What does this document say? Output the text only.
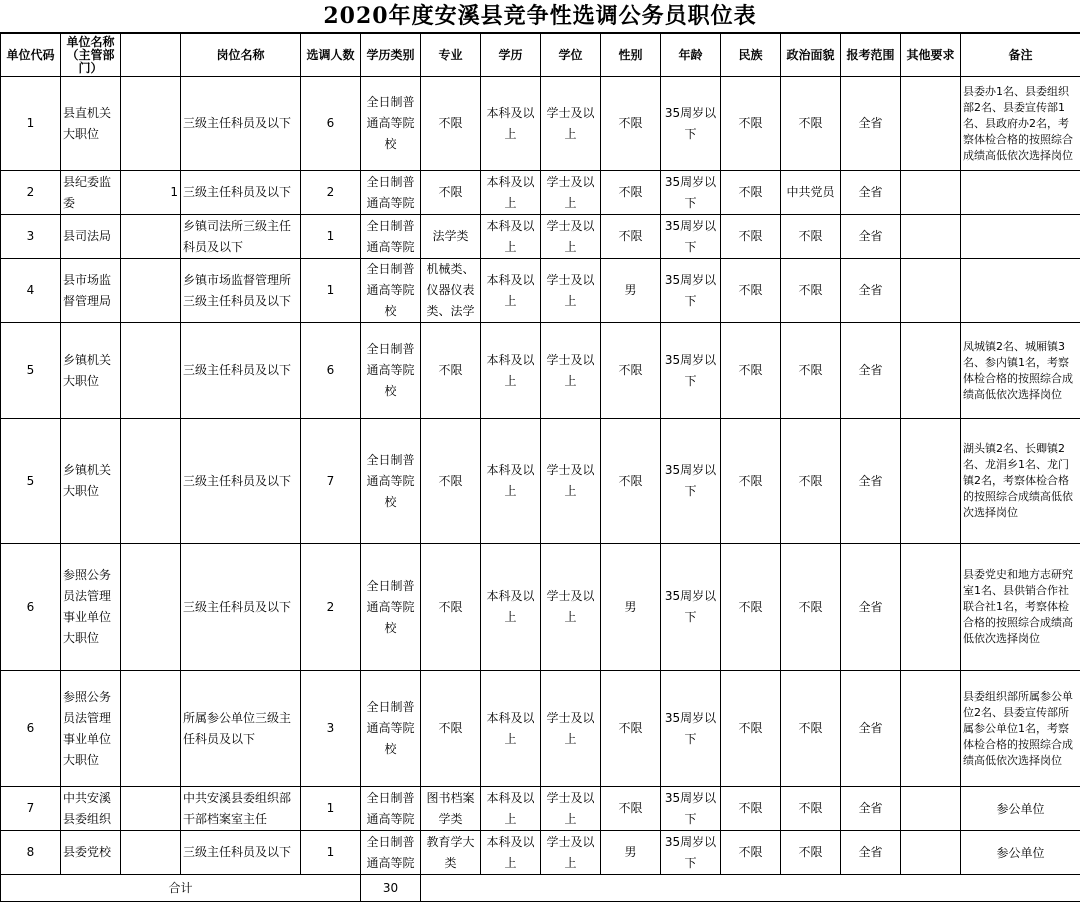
2020年度安溪县竞争性选调公务员职位表
单位代码	单位名称（主管部门）		岗位名称	选调人数	学历类别	专业	学历	学位	性别	年龄	民族	政治面貌	报考范围	其他要求	备注
1	县直机关大职位		三级主任科员及以下	6	全日制普通高等院校	不限	本科及以上	学士及以上	不限	35周岁以下	不限	不限	全省		县委办1名、县委组织部2名、县委宣传部1名、县政府办2名，考察体检合格的按照综合成绩高低依次选择岗位
2	县纪委监委	1	三级主任科员及以下	2	全日制普通高等院	不限	本科及以上	学士及以上	不限	35周岁以下	不限	中共党员	全省		
3	县司法局		乡镇司法所三级主任科员及以下	1	全日制普通高等院	法学类	本科及以上	学士及以上	不限	35周岁以下	不限	不限	全省		
4	县市场监督管理局		乡镇市场监督管理所三级主任科员及以下	1	全日制普通高等院校	机械类、仪器仪表类、法学	本科及以上	学士及以上	男	35周岁以下	不限	不限	全省		
5	乡镇机关大职位		三级主任科员及以下	6	全日制普通高等院校	不限	本科及以上	学士及以上	不限	35周岁以下	不限	不限	全省		凤城镇2名、城厢镇3名、参内镇1名，考察体检合格的按照综合成绩高低依次选择岗位
5	乡镇机关大职位		三级主任科员及以下	7	全日制普通高等院校	不限	本科及以上	学士及以上	不限	35周岁以下	不限	不限	全省		湖头镇2名、长卿镇2名、龙涓乡1名、龙门镇2名，考察体检合格的按照综合成绩高低依次选择岗位
6	参照公务员法管理事业单位大职位		三级主任科员及以下	2	全日制普通高等院校	不限	本科及以上	学士及以上	男	35周岁以下	不限	不限	全省		县委党史和地方志研究室1名、县供销合作社联合社1名，考察体检合格的按照综合成绩高低依次选择岗位
6	参照公务员法管理事业单位大职位		所属参公单位三级主任科员及以下	3	全日制普通高等院校	不限	本科及以上	学士及以上	不限	35周岁以下	不限	不限	全省		县委组织部所属参公单位2名、县委宣传部所属参公单位1名，考察体检合格的按照综合成绩高低依次选择岗位
7	中共安溪县委组织		中共安溪县委组织部干部档案室主任	1	全日制普通高等院	图书档案学类	本科及以上	学士及以上	不限	35周岁以下	不限	不限	全省		参公单位
8	县委党校		三级主任科员及以下	1	全日制普通高等院	教育学大类	本科及以上	学士及以上	男	35周岁以下	不限	不限	全省		参公单位
合计					30										
